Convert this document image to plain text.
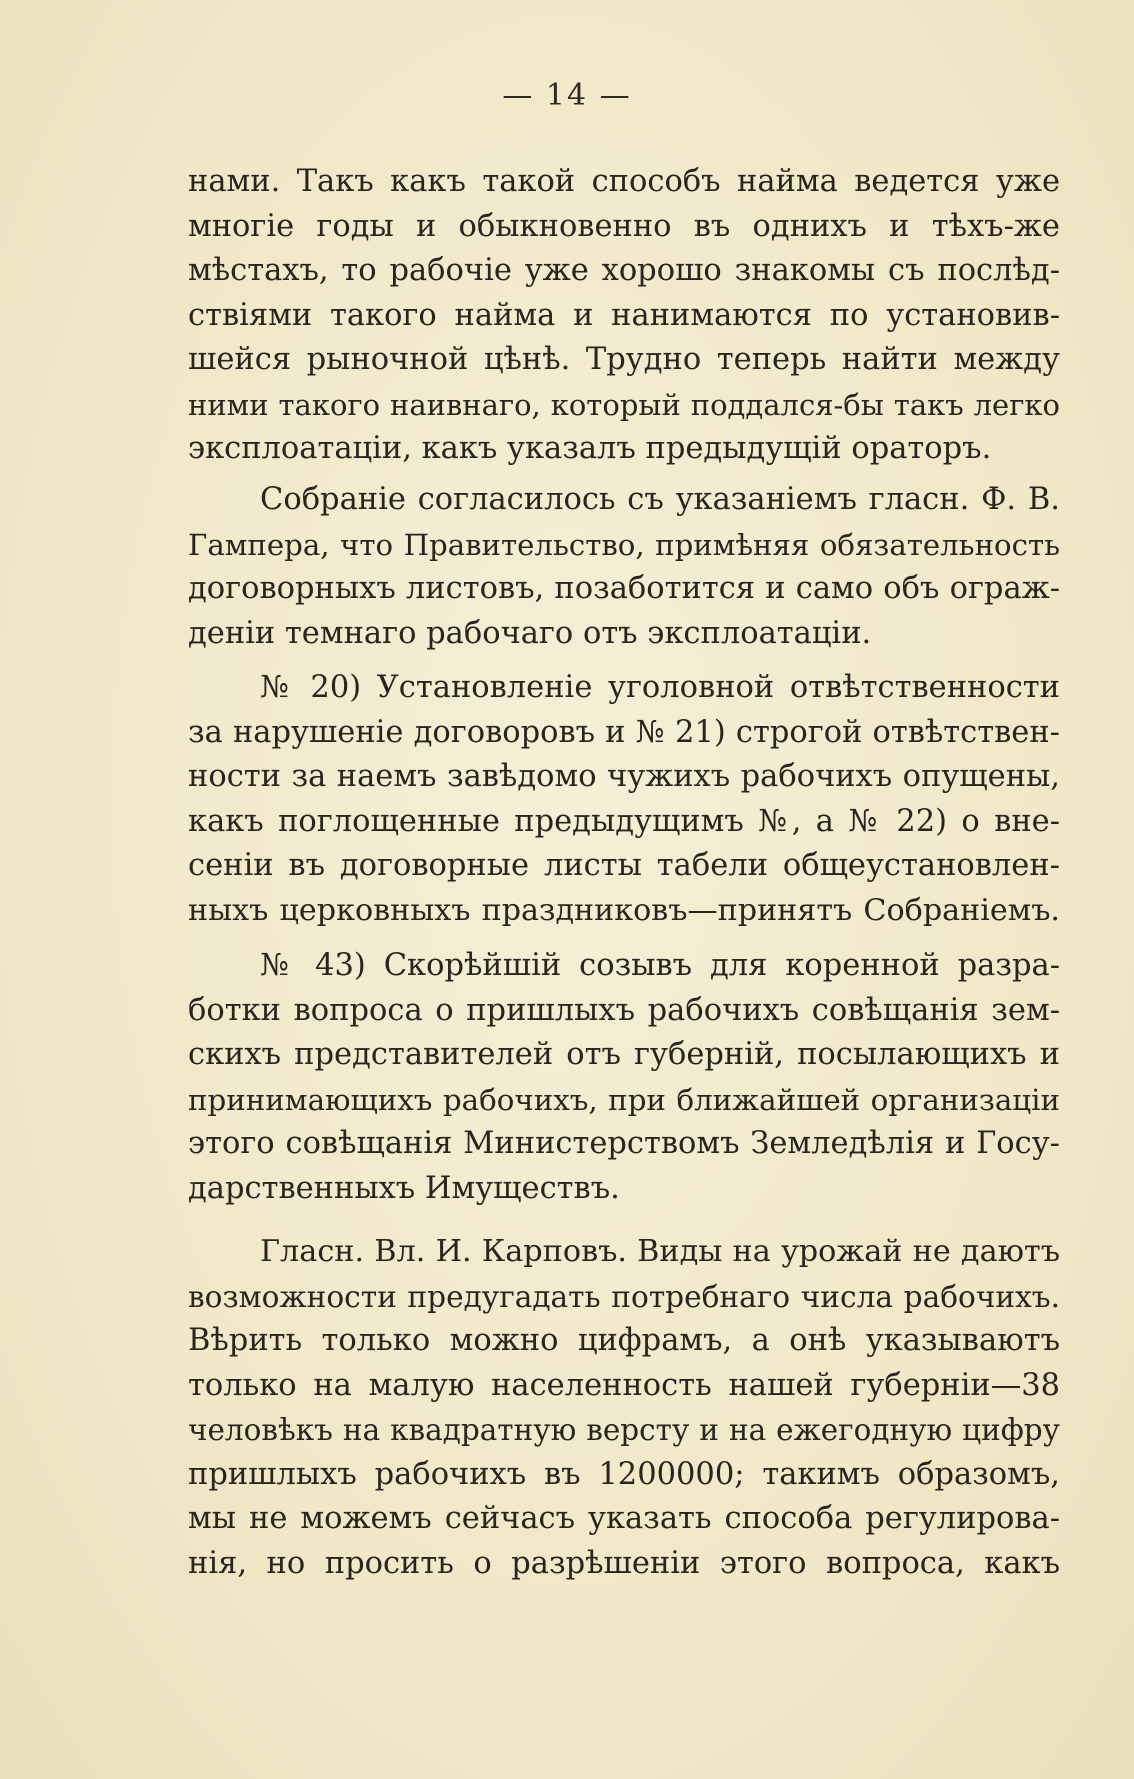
— 14 —
нами. Такъ какъ такой способъ найма ведется уже
многіе годы и обыкновенно въ однихъ и тѣхъ-же
мѣстахъ, то рабочіе уже хорошо знакомы съ послѣд-
ствіями такого найма и нанимаются по установив-
шейся рыночной цѣнѣ. Трудно теперь найти между
ними такого наивнаго, который поддался-бы такъ легко
эксплоатаціи, какъ указалъ предыдущій ораторъ.
Собраніе согласилось съ указаніемъ гласн. Ф. В.
Гампера, что Правительство, примѣняя обязательность
договорныхъ листовъ, позаботится и само объ ограж-
деніи темнаго рабочаго отъ эксплоатаціи.
№ 20) Установленіе уголовной отвѣтственности
за нарушеніе договоровъ и № 21) строгой отвѣтствен-
ности за наемъ завѣдомо чужихъ рабочихъ опущены,
какъ поглощенные предыдущимъ №, а № 22) о вне-
сеніи въ договорные листы табели общеустановлен-
ныхъ церковныхъ праздниковъ—принятъ Собраніемъ.
№ 43) Скорѣйшій созывъ для коренной разра-
ботки вопроса о пришлыхъ рабочихъ совѣщанія зем-
скихъ представителей отъ губерній, посылающихъ и
принимающихъ рабочихъ, при ближайшей организаціи
этого совѣщанія Министерствомъ Земледѣлія и Госу-
дарственныхъ Имуществъ.
Гласн. Вл. И. Карповъ. Виды на урожай не даютъ
возможности предугадать потребнаго числа рабочихъ.
Вѣрить только можно цифрамъ, а онѣ указываютъ
только на малую населенность нашей губерніи—38
человѣкъ на квадратную версту и на ежегодную цифру
пришлыхъ рабочихъ въ 1200000; такимъ образомъ,
мы не можемъ сейчасъ указать способа регулирова-
нія, но просить о разрѣшеніи этого вопроса, какъ
